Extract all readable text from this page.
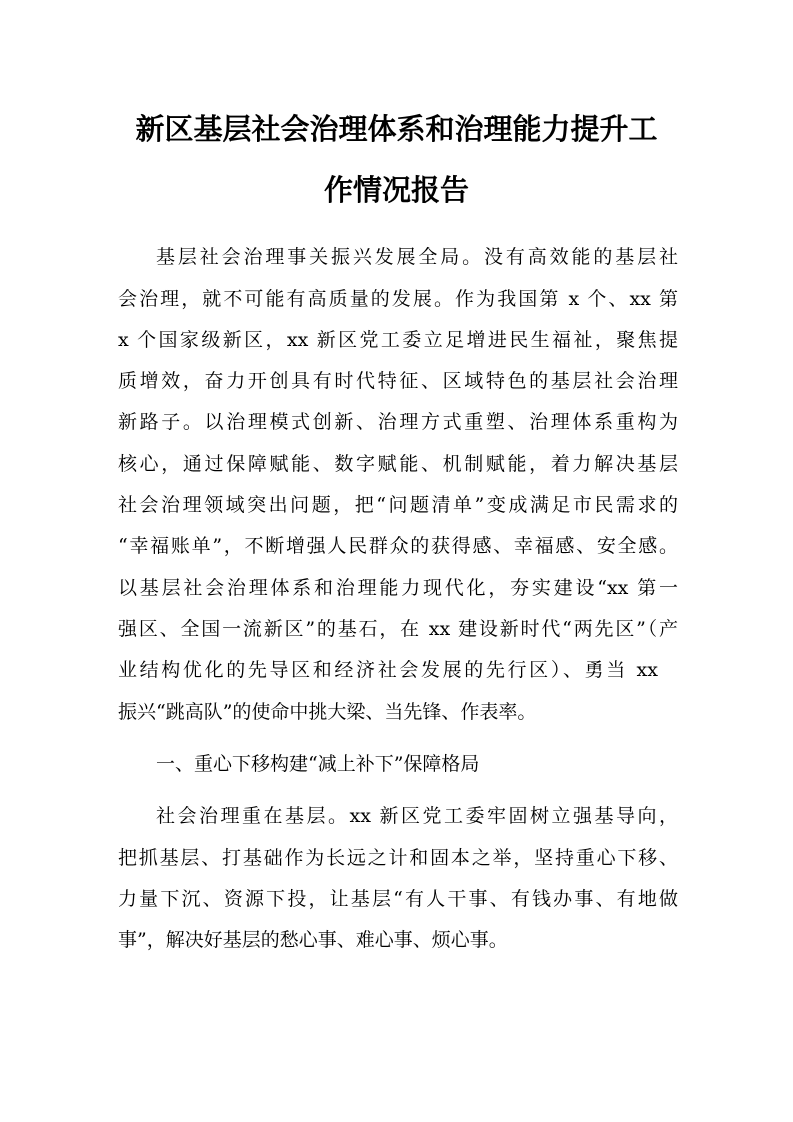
新区基层社会治理体系和治理能力提升工
作情况报告

基层社会治理事关振兴发展全局。没有高效能的基层社

会治理，就不可能有高质量的发展。作为我国第 x 个、xx 第

x 个国家级新区，xx 新区党工委立足增进民生福祉，聚焦提

质增效，奋力开创具有时代特征、区域特色的基层社会治理

新路子。以治理模式创新、治理方式重塑、治理体系重构为

核心，通过保障赋能、数字赋能、机制赋能，着力解决基层

社会治理领域突出问题，把“问题清单”变成满足市民需求的

“幸福账单”，不断增强人民群众的获得感、幸福感、安全感。

以基层社会治理体系和治理能力现代化，夯实建设“xx 第一

强区、全国一流新区”的基石，在 xx 建设新时代“两先区”（产

业结构优化的先导区和经济社会发展的先行区）、勇当 xx

振兴“跳高队”的使命中挑大梁、当先锋、作表率。

一、重心下移构建“减上补下”保障格局

社会治理重在基层。xx 新区党工委牢固树立强基导向，

把抓基层、打基础作为长远之计和固本之举，坚持重心下移、

力量下沉、资源下投，让基层“有人干事、有钱办事、有地做

事”，解决好基层的愁心事、难心事、烦心事。
